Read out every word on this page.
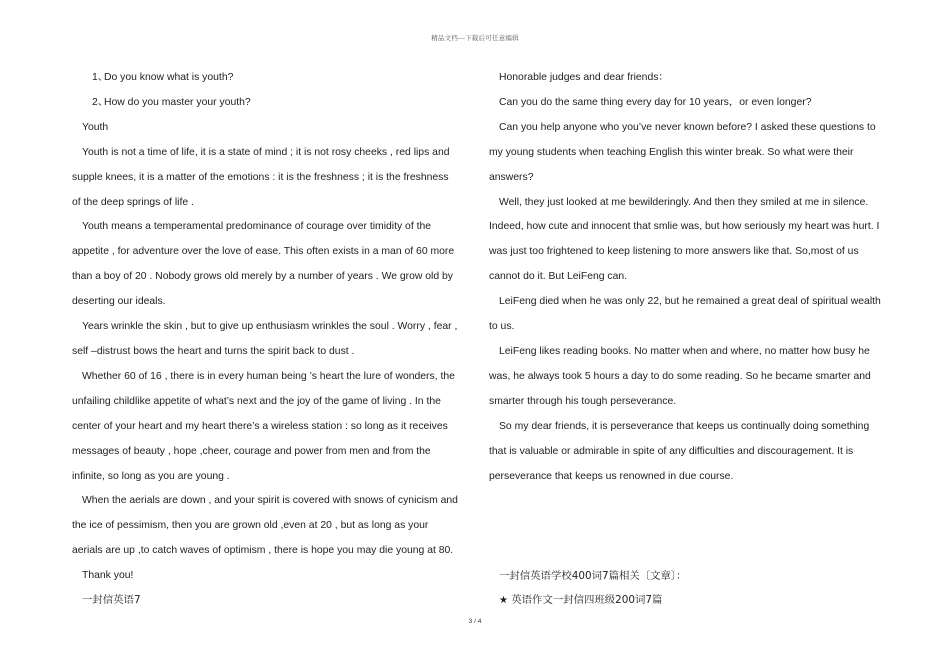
精品文档---下载后可任意编辑

1、Do you know what is youth?

2、How do you master your youth?

Youth

Youth is not a time of life, it is a state of mind ; it is not rosy cheeks , red lips and supple knees, it is a matter of the emotions : it is the freshness ; it is the freshness of the deep springs of life .

Youth means a temperamental predominance of courage over timidity of the appetite , for adventure over the love of ease. This often exists in a man of 60 more than a boy of 20 . Nobody grows old merely by a number of years . We grow old by deserting our ideals.

Years wrinkle the skin , but to give up enthusiasm wrinkles the soul . Worry , fear , self –distrust bows the heart and turns the spirit back to dust .

Whether 60 of 16 , there is in every human being ’s heart the lure of wonders, the unfailing childlike appetite of what’s next and the joy of the game of living . In the center of your heart and my heart there’s a wireless station : so long as it receives messages of beauty , hope ,cheer, courage and power from men and from the infinite, so long as you are young .

When the aerials are down , and your spirit is covered with snows of cynicism and the ice of pessimism, then you are grown old ,even at 20 , but as long as your aerials are up ,to catch waves of optimism , there is hope you may die young at 80.

Thank you!

一封信英语7

Honorable judges and dear friends：

Can you do the same thing every day for 10 years，or even longer?

Can you help anyone who you’ve never known before? I asked these questions to my young students when teaching English this winter break. So what were their answers?

Well, they just looked at me bewilderingly. And then they smiled at me in silence. Indeed, how cute and innocent that smlie was, but how seriously my heart was hurt. I was just too frightened to keep listening to more answers like that. So,most of us cannot do it. But LeiFeng can.

LeiFeng died when he was only 22, but he remained a great deal of spiritual wealth to us.

LeiFeng likes reading books. No matter when and where, no matter how busy he was, he always took 5 hours a day to do some reading. So he became smarter and smarter through his tough perseverance.

So my dear friends, it is perseverance that keeps us continually doing something that is valuable or admirable in spite of any difficulties and discouragement. It is perseverance that keeps us renowned in due course.

一封信英语学校400词7篇相关〔文章〕：
★ 英语作文一封信四班级200词7篇
3 / 4
